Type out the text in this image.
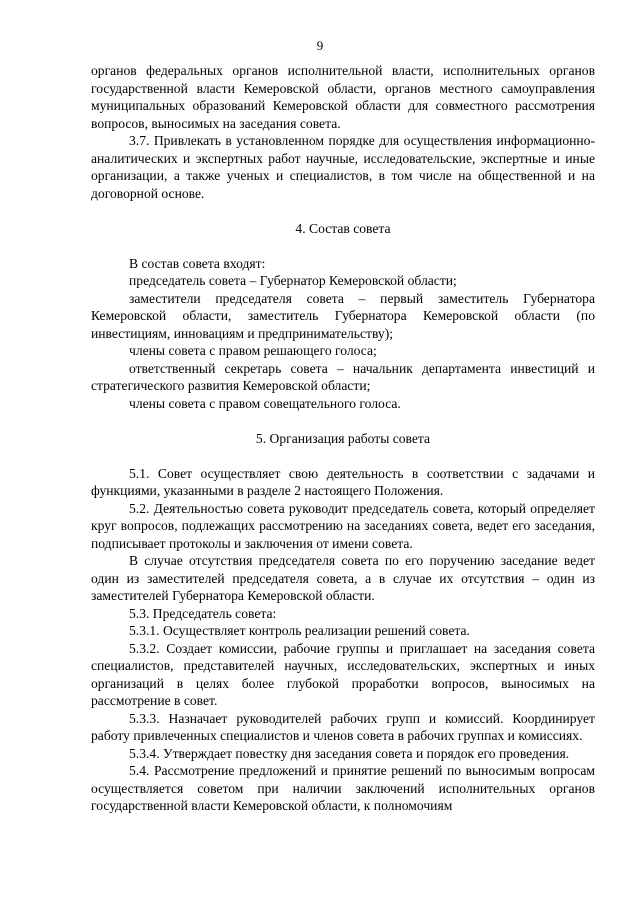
9

органов федеральных органов исполнительной власти, исполнительных органов государственной власти Кемеровской области, органов местного самоуправления муниципальных образований Кемеровской области для совместного рассмотрения вопросов, выносимых на заседания совета.

3.7. Привлекать в установленном порядке для осуществления информационно-аналитических и экспертных работ научные, исследовательские, экспертные и иные организации, а также ученых и специалистов, в том числе на общественной и на договорной основе.

4. Состав совета

В состав совета входят:

председатель совета – Губернатор Кемеровской области;

заместители председателя совета – первый заместитель Губернатора Кемеровской области, заместитель Губернатора Кемеровской области (по инвестициям, инновациям и предпринимательству);

члены совета с правом решающего голоса;

ответственный секретарь совета – начальник департамента инвестиций и стратегического развития Кемеровской области;

члены совета с правом совещательного голоса.

5. Организация работы совета

5.1. Совет осуществляет свою деятельность в соответствии с задачами и функциями, указанными в разделе 2 настоящего Положения.

5.2. Деятельностью совета руководит председатель совета, который определяет круг вопросов, подлежащих рассмотрению на заседаниях совета, ведет его заседания, подписывает протоколы и заключения от имени совета.

В случае отсутствия председателя совета по его поручению заседание ведет один из заместителей председателя совета, а в случае их отсутствия – один из заместителей Губернатора Кемеровской области.

5.3. Председатель совета:

5.3.1. Осуществляет контроль реализации решений совета.

5.3.2. Создает комиссии, рабочие группы и приглашает на заседания совета специалистов, представителей научных, исследовательских, экспертных и иных организаций в целях более глубокой проработки вопросов, выносимых на рассмотрение в совет.

5.3.3. Назначает руководителей рабочих групп и комиссий. Координирует работу привлеченных специалистов и членов совета в рабочих группах и комиссиях.

5.3.4. Утверждает повестку дня заседания совета и порядок его проведения.

5.4. Рассмотрение предложений и принятие решений по выносимым вопросам осуществляется советом при наличии заключений исполнительных органов государственной власти Кемеровской области, к полномочиям
